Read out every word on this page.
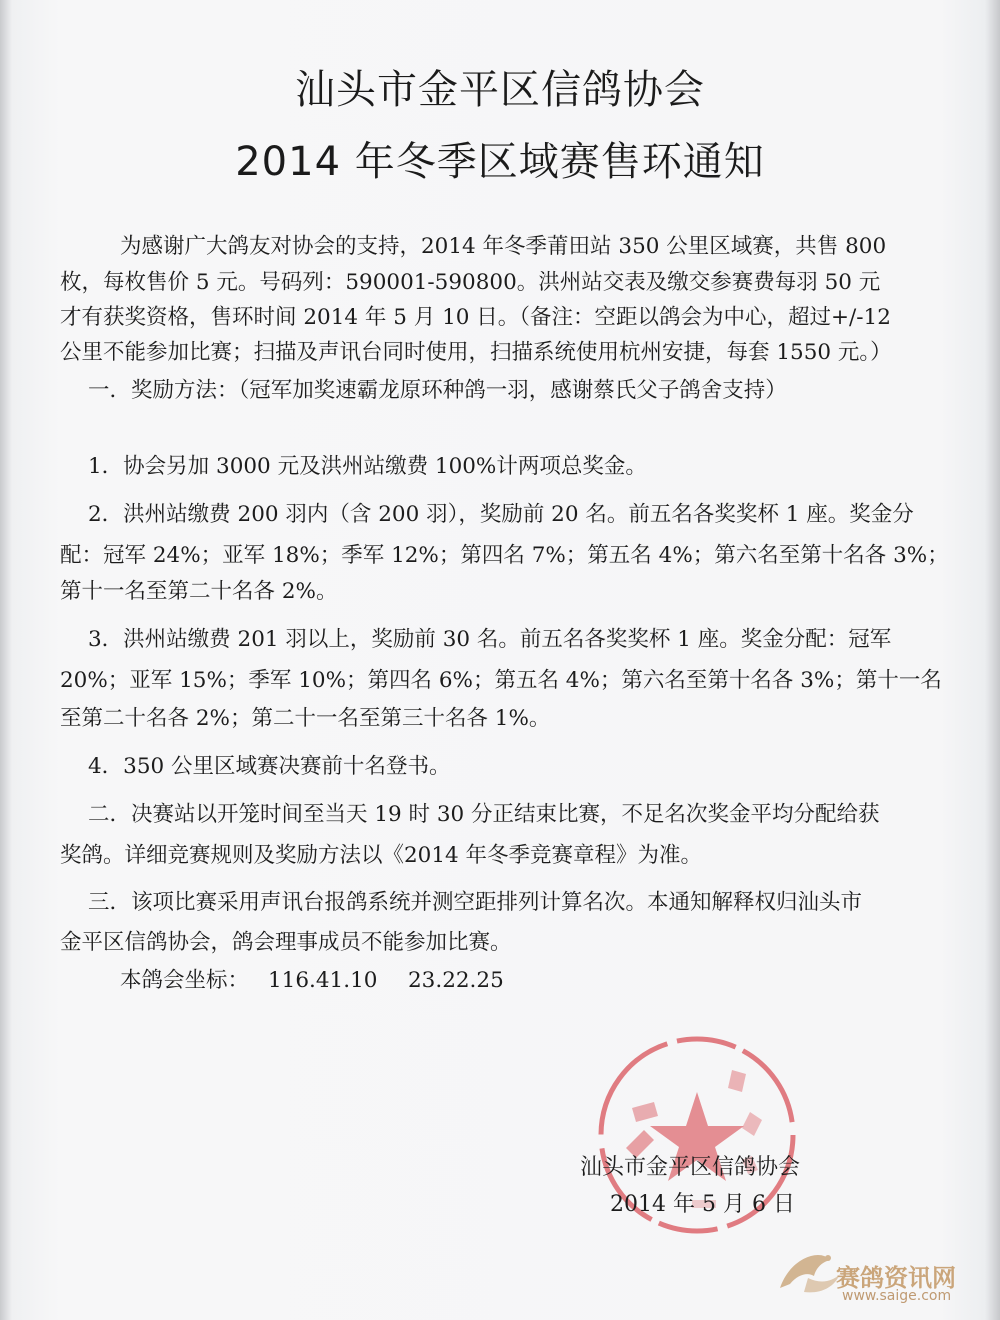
汕头市金平区信鸽协会
2014 年冬季区域赛售环通知
为感谢广大鸽友对协会的支持，2014 年冬季莆田站 350 公里区域赛，共售 800
枚，每枚售价 5 元。号码列：590001-590800。洪州站交表及缴交参赛费每羽 50 元
才有获奖资格，售环时间 2014 年 5 月 10 日。（备注：空距以鸽会为中心，超过+/-12
公里不能参加比赛；扫描及声讯台同时使用，扫描系统使用杭州安捷，每套 1550 元。）
一．奖励方法：（冠军加奖速霸龙原环种鸽一羽，感谢蔡氏父子鸽舍支持）
1．协会另加 3000 元及洪州站缴费 100%计两项总奖金。
2．洪州站缴费 200 羽内（含 200 羽），奖励前 20 名。前五名各奖奖杯 1 座。奖金分
配：冠军 24%；亚军 18%；季军 12%；第四名 7%；第五名 4%；第六名至第十名各 3%；
第十一名至第二十名各 2%。
3．洪州站缴费 201 羽以上，奖励前 30 名。前五名各奖奖杯 1 座。奖金分配：冠军
20%；亚军 15%；季军 10%；第四名 6%；第五名 4%；第六名至第十名各 3%；第十一名
至第二十名各 2%；第二十一名至第三十名各 1%。
4．350 公里区域赛决赛前十名登书。
二．决赛站以开笼时间至当天 19 时 30 分正结束比赛，不足名次奖金平均分配给获
奖鸽。详细竞赛规则及奖励方法以《2014 年冬季竞赛章程》为准。
三．该项比赛采用声讯台报鸽系统并测空距排列计算名次。本通知解释权归汕头市
金平区信鸽协会，鸽会理事成员不能参加比赛。
本鸽会坐标： 116.41.10 23.22.25
汕头市金平区信鸽协会
2014 年 5 月 6 日
赛鸽资讯网
www.saige.com
